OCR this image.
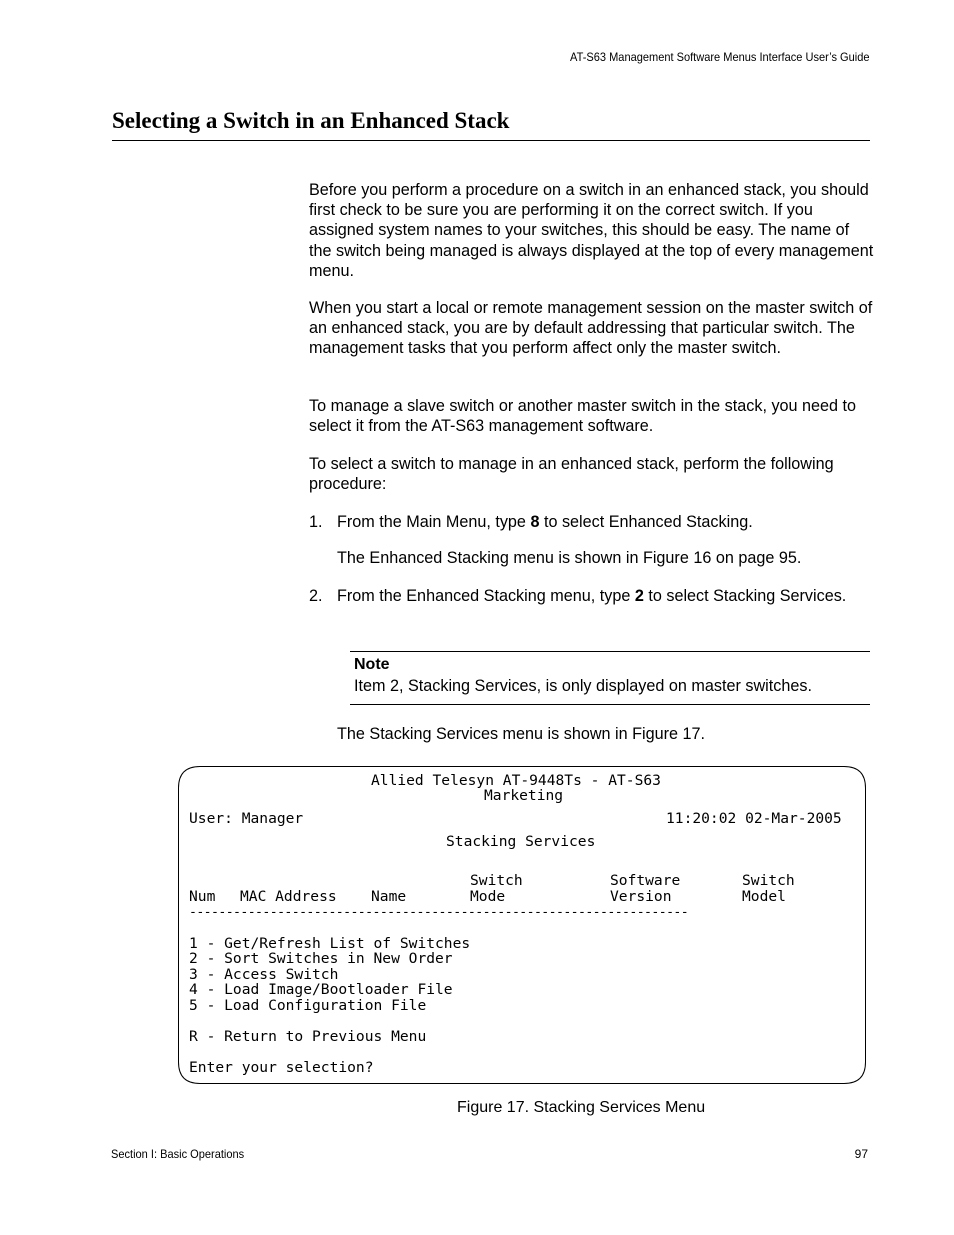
AT-S63 Management Software Menus Interface User’s Guide
Selecting a Switch in an Enhanced Stack

Before you perform a procedure on a switch in an enhanced stack, you should first check to be sure you are performing it on the correct switch. If you assigned system names to your switches, this should be easy. The name of the switch being managed is always displayed at the top of every management menu.

When you start a local or remote management session on the master switch of an enhanced stack, you are by default addressing that particular switch. The management tasks that you perform affect only the master switch.

To manage a slave switch or another master switch in the stack, you need to select it from the AT-S63 management software.

To select a switch to manage in an enhanced stack, perform the following procedure:

1. From the Main Menu, type 8 to select Enhanced Stacking.
The Enhanced Stacking menu is shown in Figure 16 on page 95.
2. From the Enhanced Stacking menu, type 2 to select Stacking Services.
Note
Item 2, Stacking Services, is only displayed on master switches.
The Stacking Services menu is shown in Figure 17.
Allied Telesyn AT-9448Ts - AT-S63
Marketing
User: Manager	11:20:02 02-Mar-2005
Stacking Services
Switch	Software	Switch
Num MAC Address Name	Mode	Version	Model
--------------------------------------------------------------------
1 - Get/Refresh List of Switches
2 - Sort Switches in New Order
3 - Access Switch
4 - Load Image/Bootloader File
5 - Load Configuration File
R - Return to Previous Menu
Enter your selection?
Figure 17. Stacking Services Menu
Section I: Basic Operations	97
